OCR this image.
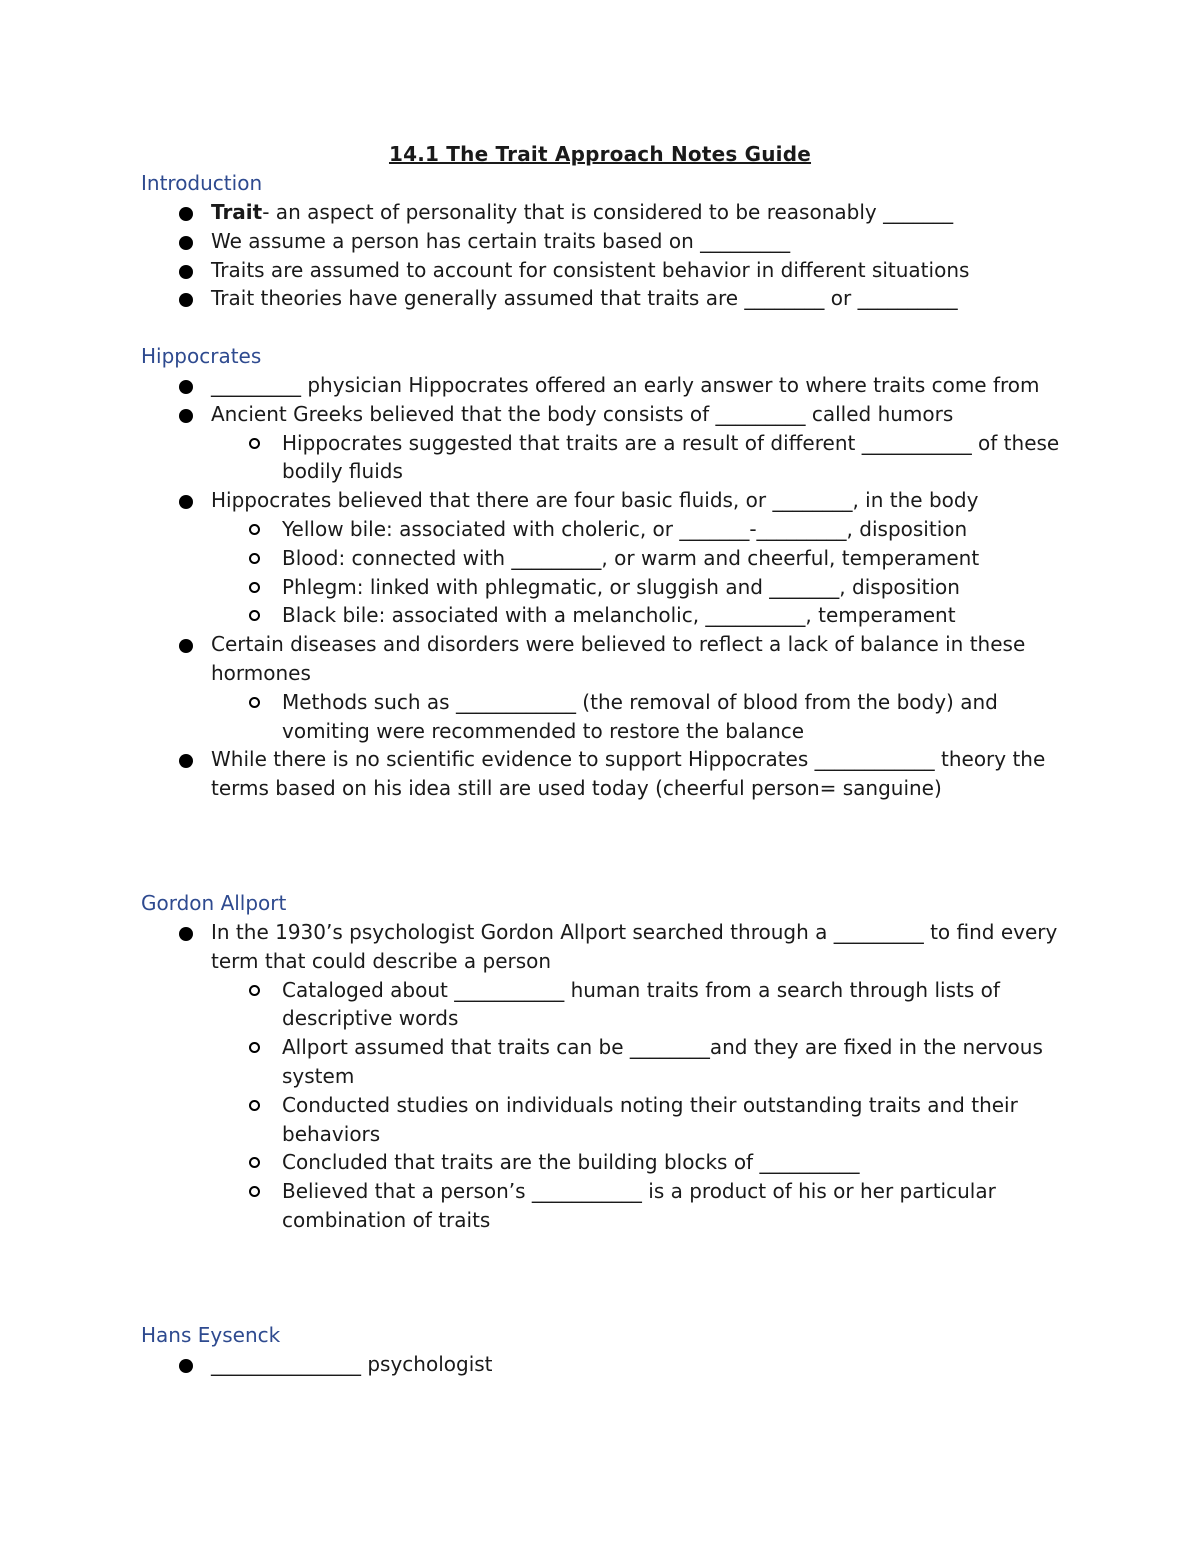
14.1 The Trait Approach Notes Guide
Introduction
Trait- an aspect of personality that is considered to be reasonably _______
We assume a person has certain traits based on _________
Traits are assumed to account for consistent behavior in different situations
Trait theories have generally assumed that traits are ________ or __________
Hippocrates
_________ physician Hippocrates offered an early answer to where traits come from
Ancient Greeks believed that the body consists of _________ called humors
Hippocrates suggested that traits are a result of different ___________ of these bodily fluids
Hippocrates believed that there are four basic fluids, or ________, in the body
Yellow bile: associated with choleric, or _______-_________, disposition
Blood: connected with _________, or warm and cheerful, temperament
Phlegm: linked with phlegmatic, or sluggish and _______, disposition
Black bile: associated with a melancholic, __________, temperament
Certain diseases and disorders were believed to reflect a lack of balance in these hormones
Methods such as ____________ (the removal of blood from the body) and vomiting were recommended to restore the balance
While there is no scientific evidence to support Hippocrates ____________ theory the terms based on his idea still are used today (cheerful person= sanguine)
Gordon Allport
In the 1930’s psychologist Gordon Allport searched through a _________ to find every term that could describe a person
Cataloged about ___________ human traits from a search through lists of descriptive words
Allport assumed that traits can be ________and they are fixed in the nervous system
Conducted studies on individuals noting their outstanding traits and their behaviors
Concluded that traits are the building blocks of __________
Believed that a person’s ___________ is a product of his or her particular combination of traits
Hans Eysenck
_______________ psychologist
